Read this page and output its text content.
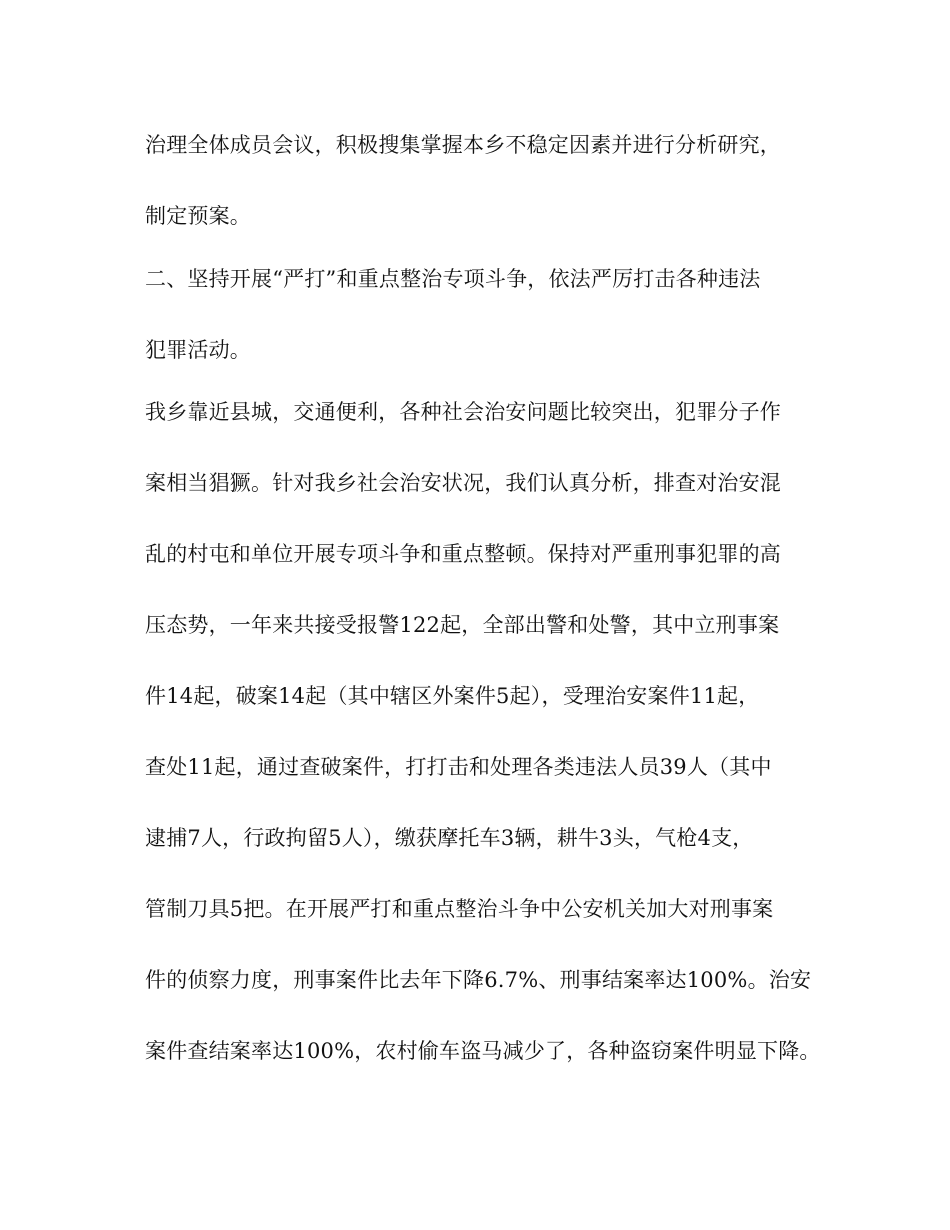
治理全体成员会议，积极搜集掌握本乡不稳定因素并进行分析研究，

制定预案。

二、坚持开展“严打”和重点整治专项斗争，依法严厉打击各种违法

犯罪活动。

我乡靠近县城，交通便利，各种社会治安问题比较突出，犯罪分子作

案相当猖獗。针对我乡社会治安状况，我们认真分析，排查对治安混

乱的村屯和单位开展专项斗争和重点整顿。保持对严重刑事犯罪的高

压态势，一年来共接受报警122起，全部出警和处警，其中立刑事案

件14起，破案14起（其中辖区外案件5起），受理治安案件11起，

查处11起，通过查破案件，打打击和处理各类违法人员39人（其中

逮捕7人，行政拘留5人），缴获摩托车3辆，耕牛3头，气枪4支，

管制刀具5把。在开展严打和重点整治斗争中公安机关加大对刑事案

件的侦察力度，刑事案件比去年下降6.7%、刑事结案率达100%。治安

案件查结案率达100%，农村偷车盗马减少了，各种盗窃案件明显下降。
